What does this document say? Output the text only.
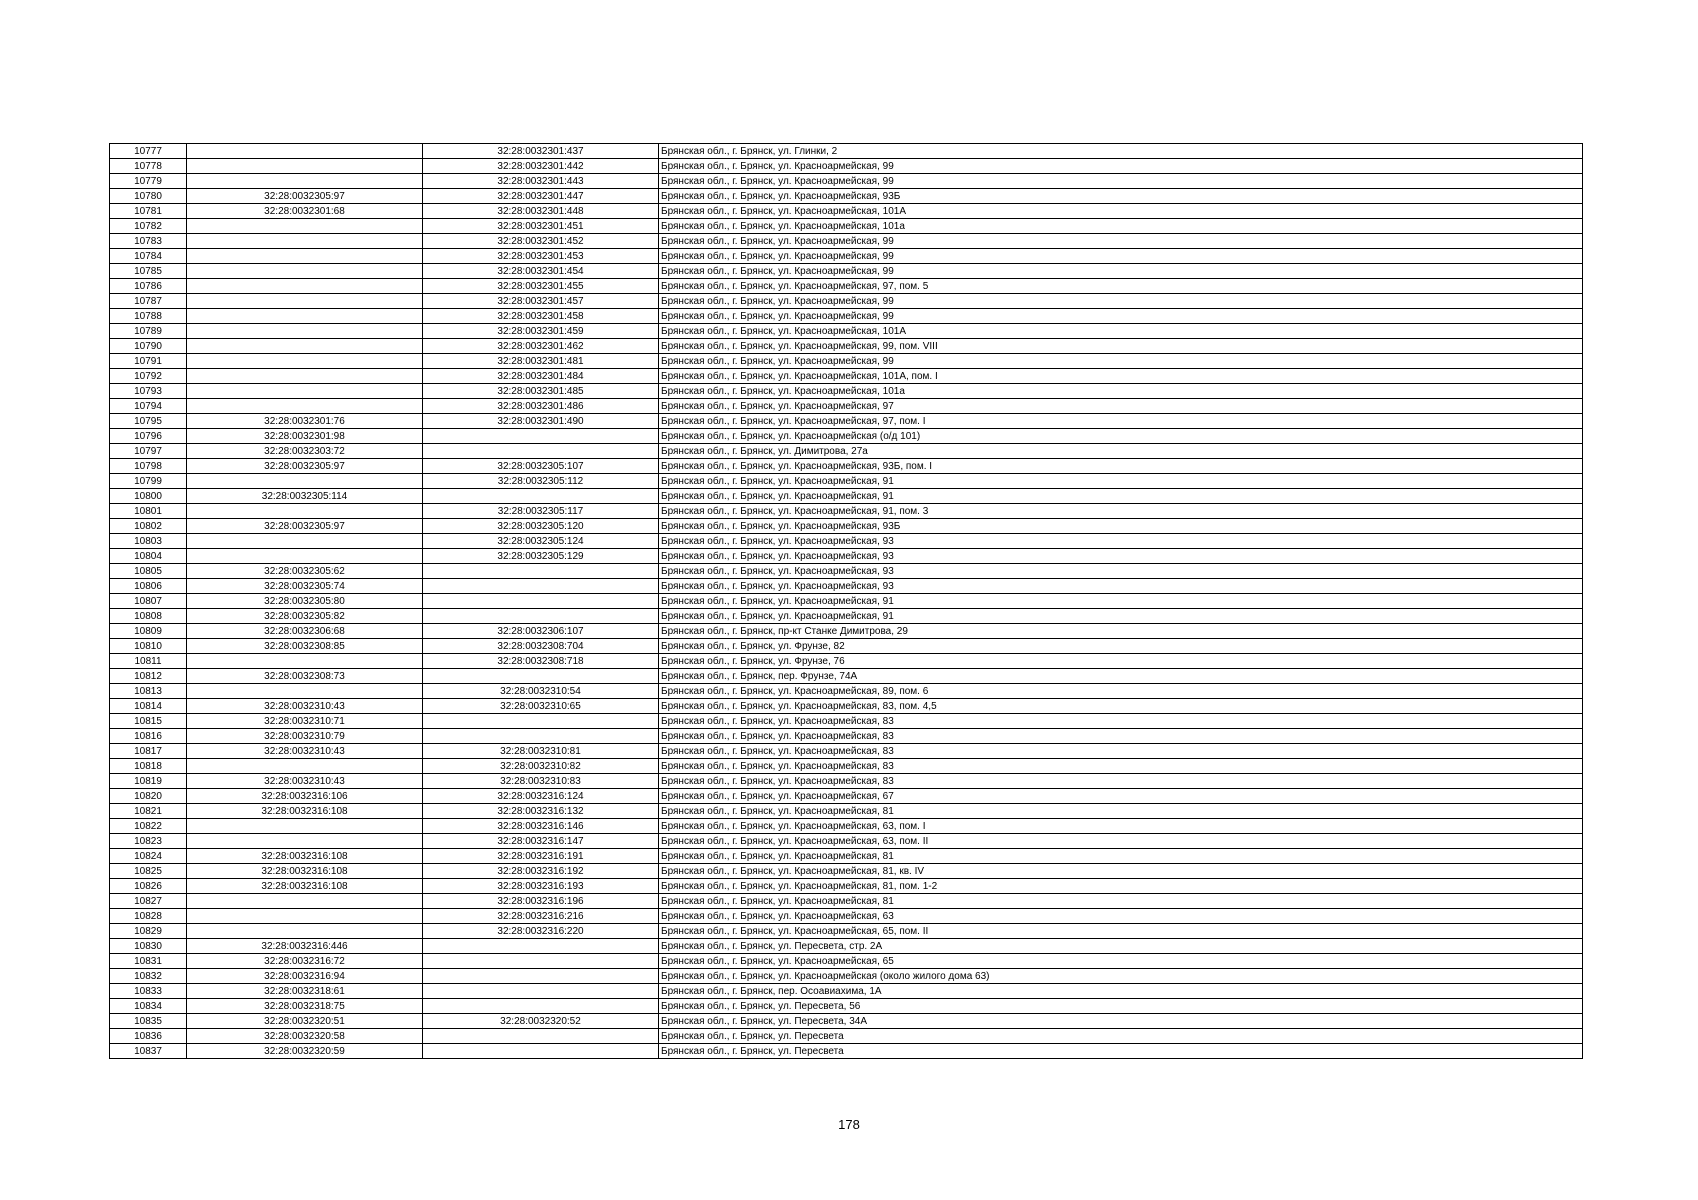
10777		32:28:0032301:437	Брянская обл., г. Брянск, ул. Глинки, 2
10778		32:28:0032301:442	Брянская обл., г. Брянск, ул. Красноармейская, 99
10779		32:28:0032301:443	Брянская обл., г. Брянск, ул. Красноармейская, 99
10780	32:28:0032305:97	32:28:0032301:447	Брянская обл., г. Брянск, ул. Красноармейская, 93Б
10781	32:28:0032301:68	32:28:0032301:448	Брянская обл., г. Брянск, ул. Красноармейская, 101А
10782		32:28:0032301:451	Брянская обл., г. Брянск, ул. Красноармейская, 101а
10783		32:28:0032301:452	Брянская обл., г. Брянск, ул. Красноармейская, 99
10784		32:28:0032301:453	Брянская обл., г. Брянск, ул. Красноармейская, 99
10785		32:28:0032301:454	Брянская обл., г. Брянск, ул. Красноармейская, 99
10786		32:28:0032301:455	Брянская обл., г. Брянск, ул. Красноармейская, 97, пом. 5
10787		32:28:0032301:457	Брянская обл., г. Брянск, ул. Красноармейская, 99
10788		32:28:0032301:458	Брянская обл., г. Брянск, ул. Красноармейская, 99
10789		32:28:0032301:459	Брянская обл., г. Брянск, ул. Красноармейская, 101А
10790		32:28:0032301:462	Брянская обл., г. Брянск, ул. Красноармейская, 99, пом. VIII
10791		32:28:0032301:481	Брянская обл., г. Брянск, ул. Красноармейская, 99
10792		32:28:0032301:484	Брянская обл., г. Брянск, ул. Красноармейская, 101А, пом. I
10793		32:28:0032301:485	Брянская обл., г. Брянск, ул. Красноармейская, 101а
10794		32:28:0032301:486	Брянская обл., г. Брянск, ул. Красноармейская, 97
10795	32:28:0032301:76	32:28:0032301:490	Брянская обл., г. Брянск, ул. Красноармейская, 97, пом. I
10796	32:28:0032301:98		Брянская обл., г. Брянск, ул. Красноармейская (о/д 101)
10797	32:28:0032303:72		Брянская обл., г. Брянск, ул. Димитрова, 27а
10798	32:28:0032305:97	32:28:0032305:107	Брянская обл., г. Брянск, ул. Красноармейская, 93Б, пом. I
10799		32:28:0032305:112	Брянская обл., г. Брянск, ул. Красноармейская, 91
10800	32:28:0032305:114		Брянская обл., г. Брянск, ул. Красноармейская, 91
10801		32:28:0032305:117	Брянская обл., г. Брянск, ул. Красноармейская, 91, пом. 3
10802	32:28:0032305:97	32:28:0032305:120	Брянская обл., г. Брянск, ул. Красноармейская, 93Б
10803		32:28:0032305:124	Брянская обл., г. Брянск, ул. Красноармейская, 93
10804		32:28:0032305:129	Брянская обл., г. Брянск, ул. Красноармейская, 93
10805	32:28:0032305:62		Брянская обл., г. Брянск, ул. Красноармейская, 93
10806	32:28:0032305:74		Брянская обл., г. Брянск, ул. Красноармейская, 93
10807	32:28:0032305:80		Брянская обл., г. Брянск, ул. Красноармейская, 91
10808	32:28:0032305:82		Брянская обл., г. Брянск, ул. Красноармейская, 91
10809	32:28:0032306:68	32:28:0032306:107	Брянская обл., г. Брянск, пр-кт Станке Димитрова, 29
10810	32:28:0032308:85	32:28:0032308:704	Брянская обл., г. Брянск, ул. Фрунзе, 82
10811		32:28:0032308:718	Брянская обл., г. Брянск, ул. Фрунзе, 76
10812	32:28:0032308:73		Брянская обл., г. Брянск, пер. Фрунзе, 74А
10813		32:28:0032310:54	Брянская обл., г. Брянск, ул. Красноармейская, 89, пом. 6
10814	32:28:0032310:43	32:28:0032310:65	Брянская обл., г. Брянск, ул. Красноармейская, 83, пом. 4,5
10815	32:28:0032310:71		Брянская обл., г. Брянск, ул. Красноармейская, 83
10816	32:28:0032310:79		Брянская обл., г. Брянск, ул. Красноармейская, 83
10817	32:28:0032310:43	32:28:0032310:81	Брянская обл., г. Брянск, ул. Красноармейская, 83
10818		32:28:0032310:82	Брянская обл., г. Брянск, ул. Красноармейская, 83
10819	32:28:0032310:43	32:28:0032310:83	Брянская обл., г. Брянск, ул. Красноармейская, 83
10820	32:28:0032316:106	32:28:0032316:124	Брянская обл., г. Брянск, ул. Красноармейская, 67
10821	32:28:0032316:108	32:28:0032316:132	Брянская обл., г. Брянск, ул. Красноармейская, 81
10822		32:28:0032316:146	Брянская обл., г. Брянск, ул. Красноармейская, 63, пом. I
10823		32:28:0032316:147	Брянская обл., г. Брянск, ул. Красноармейская, 63, пом. II
10824	32:28:0032316:108	32:28:0032316:191	Брянская обл., г. Брянск, ул. Красноармейская, 81
10825	32:28:0032316:108	32:28:0032316:192	Брянская обл., г. Брянск, ул. Красноармейская, 81, кв. IV
10826	32:28:0032316:108	32:28:0032316:193	Брянская обл., г. Брянск, ул. Красноармейская, 81, пом. 1-2
10827		32:28:0032316:196	Брянская обл., г. Брянск, ул. Красноармейская, 81
10828		32:28:0032316:216	Брянская обл., г. Брянск, ул. Красноармейская, 63
10829		32:28:0032316:220	Брянская обл., г. Брянск, ул. Красноармейская, 65, пом. II
10830	32:28:0032316:446		Брянская обл., г. Брянск, ул. Пересвета, стр. 2А
10831	32:28:0032316:72		Брянская обл., г. Брянск, ул. Красноармейская, 65
10832	32:28:0032316:94		Брянская обл., г. Брянск, ул. Красноармейская (около жилого дома 63)
10833	32:28:0032318:61		Брянская обл., г. Брянск, пер. Осоавиахима, 1А
10834	32:28:0032318:75		Брянская обл., г. Брянск, ул. Пересвета, 56
10835	32:28:0032320:51	32:28:0032320:52	Брянская обл., г. Брянск, ул. Пересвета, 34А
10836	32:28:0032320:58		Брянская обл., г. Брянск, ул. Пересвета
10837	32:28:0032320:59		Брянская обл., г. Брянск, ул. Пересвета
178
